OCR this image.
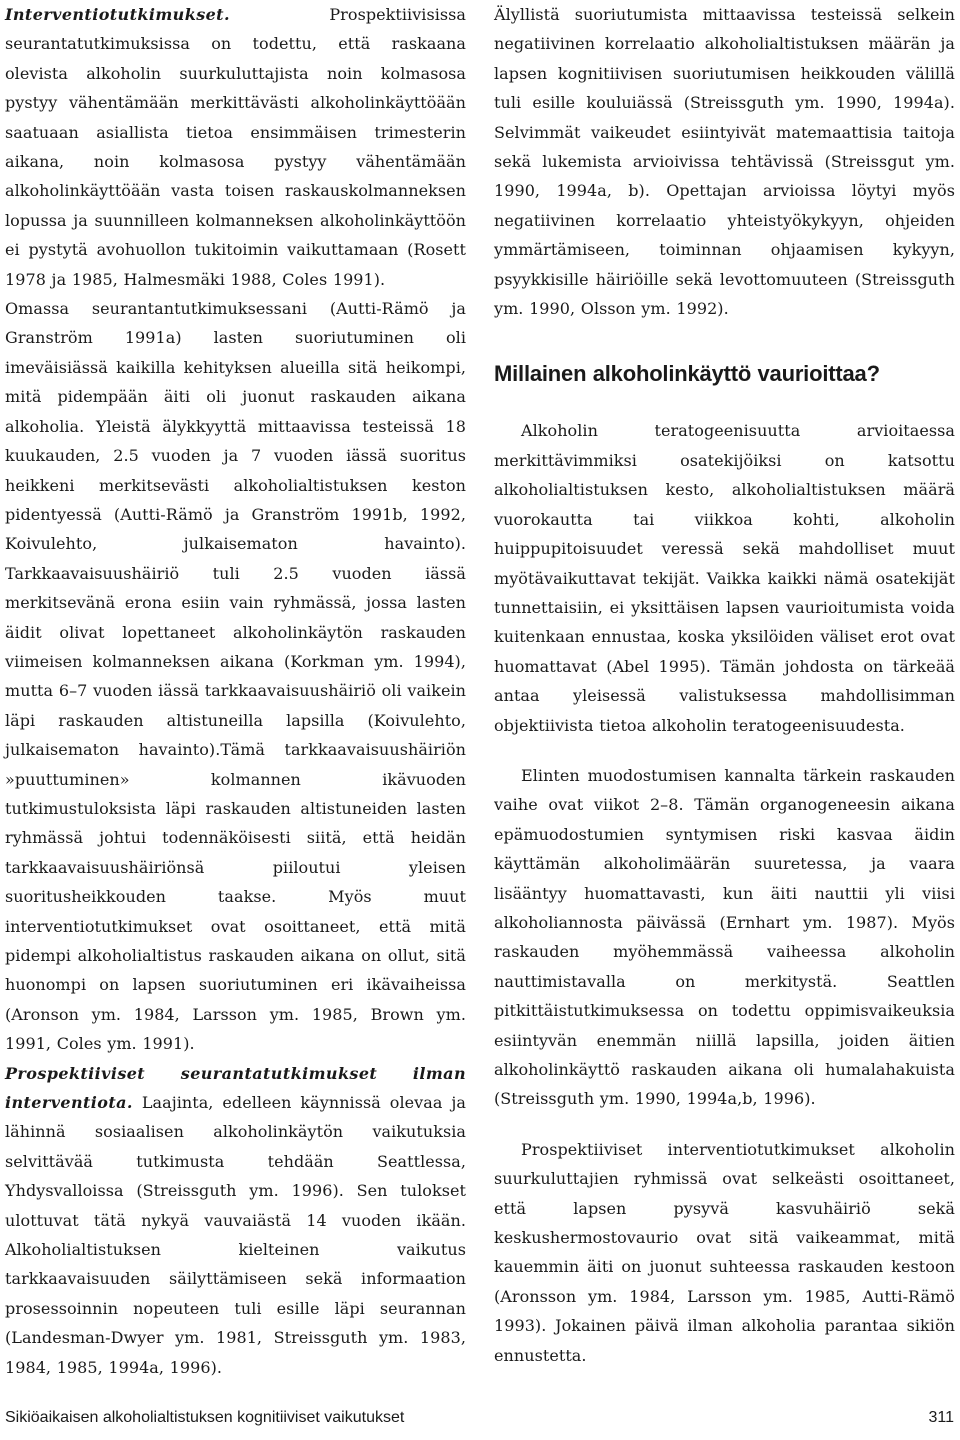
Interventiotutkimukset. Prospektiivisissa seurantatutkimuksissa on todettu, että raskaana olevista alkoholin suurkuluttajista noin kolmasosa pystyy vähentämään merkittävästi alkoholinkäyttöään saatuaan asiallista tietoa ensimmäisen trimesterin aikana, noin kolmasosa pystyy vähentämään alkoholinkäyttöään vasta toisen raskauskolmanneksen lopussa ja suunnilleen kolmanneksen alkoholinkäyttöön ei pystytä avohuollon tukitoimin vaikuttamaan (Rosett 1978 ja 1985, Halmesmäki 1988, Coles 1991).

Omassa seurantantutkimuksessani (Autti-Rämö ja Granström 1991a) lasten suoriutuminen oli imeväisiässä kaikilla kehityksen alueilla sitä heikompi, mitä pidempään äiti oli juonut raskauden aikana alkoholia. Yleistä älykkyyttä mittaavissa testeissä 18 kuukauden, 2.5 vuoden ja 7 vuoden iässä suoritus heikkeni merkitsevästi alkoholialtistuksen keston pidentyessä (Autti-Rämö ja Granström 1991b, 1992, Koivulehto, julkaisematon havainto). Tarkkaavaisuushäiriö tuli 2.5 vuoden iässä merkitsevänä erona esiin vain ryhmässä, jossa lasten äidit olivat lopettaneet alkoholinkäytön raskauden viimeisen kolmanneksen aikana (Korkman ym. 1994), mutta 6–7 vuoden iässä tarkkaavaisuushäiriö oli vaikein läpi raskauden altistuneilla lapsilla (Koivulehto, julkaisematon havainto).Tämä tarkkaavaisuushäiriön »puuttuminen» kolmannen ikävuoden tutkimustuloksista läpi raskauden altistuneiden lasten ryhmässä johtui todennäköisesti siitä, että heidän tarkkaavaisuushäiriönsä piiloutui yleisen suoritusheikkouden taakse. Myös muut interventiotutkimukset ovat osoittaneet, että mitä pidempi alkoholialtistus raskauden aikana on ollut, sitä huonompi on lapsen suoriutuminen eri ikävaiheissa (Aronson ym. 1984, Larsson ym. 1985, Brown ym. 1991, Coles ym. 1991).

Prospektiiviset seurantatutkimukset ilman interventiota. Laajinta, edelleen käynnissä olevaa ja lähinnä sosiaalisen alkoholinkäytön vaikutuksia selvittävää tutkimusta tehdään Seattlessa, Yhdysvalloissa (Streissguth ym. 1996). Sen tulokset ulottuvat tätä nykyä vauvaiästä 14 vuoden ikään. Alkoholialtistuksen kielteinen vaikutus tarkkaavaisuuden säilyttämiseen sekä informaation prosessoinnin nopeuteen tuli esille läpi seurannan (Landesman-Dwyer ym. 1981, Streissguth ym. 1983, 1984, 1985, 1994a, 1996).

Älyllistä suoriutumista mittaavissa testeissä selkein negatiivinen korrelaatio alkoholialtistuksen määrän ja lapsen kognitiivisen suoriutumisen heikkouden välillä tuli esille kouluiässä (Streissguth ym. 1990, 1994a). Selvimmät vaikeudet esiintyivät matemaattisia taitoja sekä lukemista arvioivissa tehtävissä (Streissgut ym. 1990, 1994a, b). Opettajan arvioissa löytyi myös negatiivinen korrelaatio yhteistyökykyyn, ohjeiden ymmärtämiseen, toiminnan ohjaamisen kykyyn, psyykkisille häiriöille sekä levottomuuteen (Streissguth ym. 1990, Olsson ym. 1992).

Millainen alkoholinkäyttö vaurioittaa?

Alkoholin teratogeenisuutta arvioitaessa merkittävimmiksi osatekijöiksi on katsottu alkoholialtistuksen kesto, alkoholialtistuksen määrä vuorokautta tai viikkoa kohti, alkoholin huippupitoisuudet veressä sekä mahdolliset muut myötävaikuttavat tekijät. Vaikka kaikki nämä osatekijät tunnettaisiin, ei yksittäisen lapsen vaurioitumista voida kuitenkaan ennustaa, koska yksilöiden väliset erot ovat huomattavat (Abel 1995). Tämän johdosta on tärkeää antaa yleisessä valistuksessa mahdollisimman objektiivista tietoa alkoholin teratogeenisuudesta.

Elinten muodostumisen kannalta tärkein raskauden vaihe ovat viikot 2–8. Tämän organogeneesin aikana epämuodostumien syntymisen riski kasvaa äidin käyttämän alkoholimäärän suuretessa, ja vaara lisääntyy huomattavasti, kun äiti nauttii yli viisi alkoholiannosta päivässä (Ernhart ym. 1987). Myös raskauden myöhemmässä vaiheessa alkoholin nauttimistavalla on merkitystä. Seattlen pitkittäistutkimuksessa on todettu oppimisvaikeuksia esiintyvän enemmän niillä lapsilla, joiden äitien alkoholinkäyttö raskauden aikana oli humalahakuista (Streissguth ym. 1990, 1994a,b, 1996).

Prospektiiviset interventiotutkimukset alkoholin suurkuluttajien ryhmissä ovat selkeästi osoittaneet, että lapsen pysyvä kasvuhäiriö sekä keskushermostovaurio ovat sitä vaikeammat, mitä kauemmin äiti on juonut suhteessa raskauden kestoon (Aronsson ym. 1984, Larsson ym. 1985, Autti-Rämö 1993). Jokainen päivä ilman alkoholia parantaa sikiön ennustetta.

Sikiöaikaisen alkoholialtistuksen kognitiiviset vaikutukset	311
